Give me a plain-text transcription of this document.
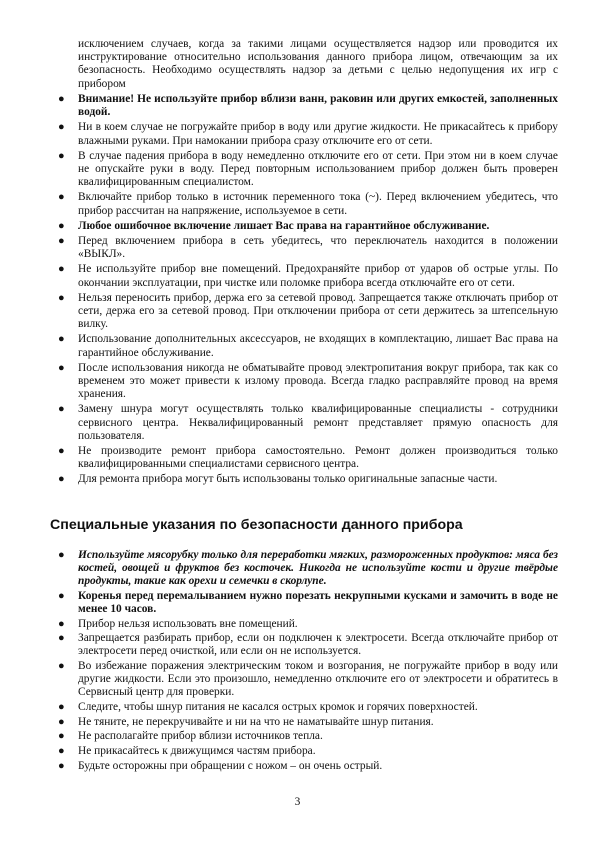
исключением случаев, когда за такими лицами осуществляется надзор или проводится их инструктирование относительно использования данного прибора лицом, отвечающим за их безопасность. Необходимо осуществлять надзор за детьми с целью недопущения их игр с прибором
● Внимание! Не используйте прибор вблизи ванн, раковин или других емкостей, заполненных водой.
● Ни в коем случае не погружайте прибор в воду или другие жидкости. Не прикасайтесь к прибору влажными руками. При намокании прибора сразу отключите его от сети.
● В случае падения прибора в воду немедленно отключите его от сети. При этом ни в коем случае не опускайте руки в воду. Перед повторным использованием прибор должен быть проверен квалифицированным специалистом.
● Включайте прибор только в источник переменного тока (~). Перед включением убедитесь, что прибор рассчитан на напряжение, используемое в сети.
● Любое ошибочное включение лишает Вас права на гарантийное обслуживание.
● Перед включением прибора в сеть убедитесь, что переключатель находится в положении «ВЫКЛ».
● Не используйте прибор вне помещений. Предохраняйте прибор от ударов об острые углы. По окончании эксплуатации, при чистке или поломке прибора всегда отключайте его от сети.
● Нельзя переносить прибор, держа его за сетевой провод. Запрещается также отключать прибор от сети, держа его за сетевой провод. При отключении прибора от сети держитесь за штепсельную вилку.
● Использование дополнительных аксессуаров, не входящих в комплектацию, лишает Вас права на гарантийное обслуживание.
● После использования никогда не обматывайте провод электропитания вокруг прибора, так как со временем это может привести к излому провода. Всегда гладко расправляйте провод на время хранения.
● Замену шнура могут осуществлять только квалифицированные специалисты - сотрудники сервисного центра. Неквалифицированный ремонт представляет прямую опасность для пользователя.
● Не производите ремонт прибора самостоятельно. Ремонт должен производиться только квалифицированными специалистами сервисного центра.
● Для ремонта прибора могут быть использованы только оригинальные запасные части.
Специальные указания по безопасности данного прибора
● Используйте мясорубку только для переработки мягких, размороженных продуктов: мяса без костей, овощей и фруктов без косточек. Никогда не используйте кости и другие твёрдые продукты, такие как орехи и семечки в скорлупе.
● Коренья перед перемалыванием нужно порезать некрупными кусками и замочить в воде не менее 10 часов.
● Прибор нельзя использовать вне помещений.
● Запрещается разбирать прибор, если он подключен к электросети. Всегда отключайте прибор от электросети перед очисткой, или если он не используется.
● Во избежание поражения электрическим током и возгорания, не погружайте прибор в воду или другие жидкости. Если это произошло, немедленно отключите его от электросети и обратитесь в Сервисный центр для проверки.
● Следите, чтобы шнур питания не касался острых кромок и горячих поверхностей.
● Не тяните, не перекручивайте и ни на что не наматывайте шнур питания.
● Не располагайте прибор вблизи источников тепла.
● Не прикасайтесь к движущимся частям прибора.
● Будьте осторожны при обращении с ножом – он очень острый.
3
